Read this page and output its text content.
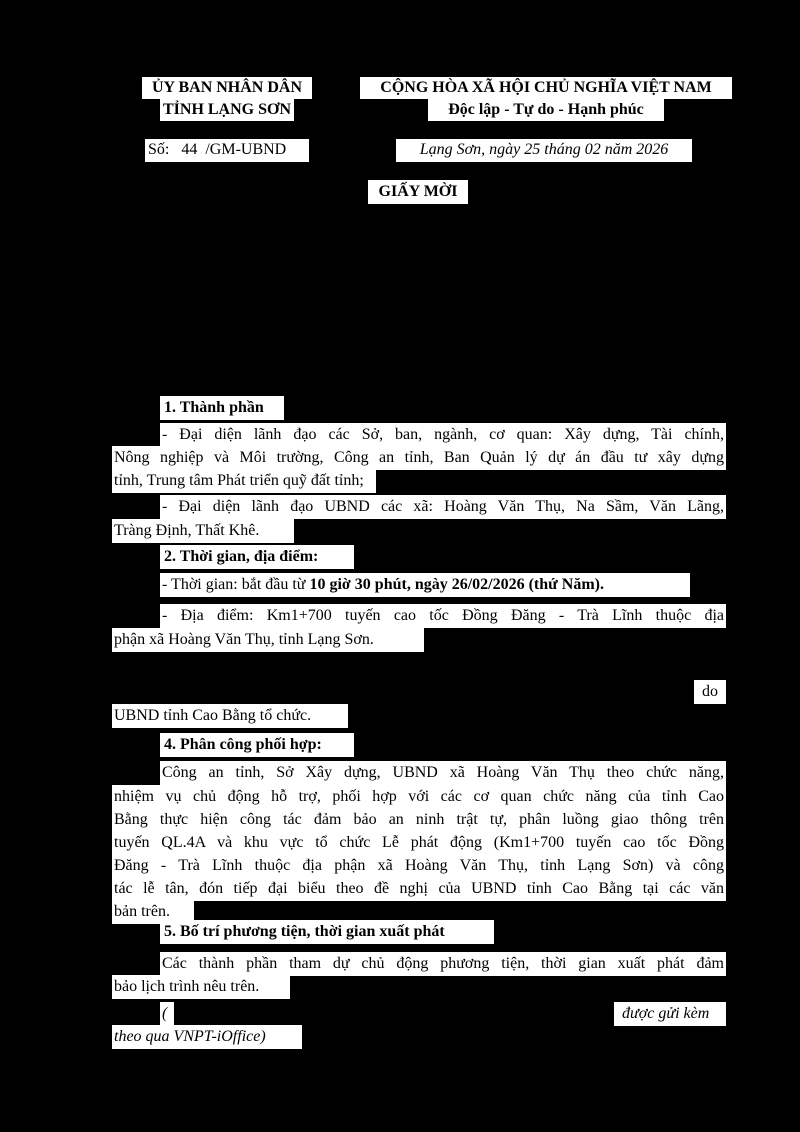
ỦY BAN NHÂN DÂN
TỈNH LẠNG SƠN
CỘNG HÒA XÃ HỘI CHỦ NGHĨA VIỆT NAM
Độc lập - Tự do - Hạnh phúc
Số: 44 /GM-UBND	Lạng Sơn, ngày 25 tháng 02 năm 2026
GIẤY MỜI
1. Thành phần
- Đại diện lãnh đạo các Sở, ban, ngành, cơ quan: Xây dựng, Tài chính,
Nông nghiệp và Môi trường, Công an tỉnh, Ban Quản lý dự án đầu tư xây dựng
tỉnh, Trung tâm Phát triển quỹ đất tỉnh;
- Đại diện lãnh đạo UBND các xã: Hoàng Văn Thụ, Na Sầm, Văn Lãng,
Tràng Định, Thất Khê.
2. Thời gian, địa điểm:
- Thời gian: bắt đầu từ 10 giờ 30 phút, ngày 26/02/2026 (thứ Năm).
- Địa điểm: Km1+700 tuyến cao tốc Đồng Đăng - Trà Lĩnh thuộc địa
phận xã Hoàng Văn Thụ, tỉnh Lạng Sơn.
do
UBND tỉnh Cao Bằng tổ chức.
4. Phân công phối hợp:
Công an tỉnh, Sở Xây dựng, UBND xã Hoàng Văn Thụ theo chức năng,
nhiệm vụ chủ động hỗ trợ, phối hợp với các cơ quan chức năng của tỉnh Cao
Bằng thực hiện công tác đảm bảo an ninh trật tự, phân luồng giao thông trên
tuyến QL.4A và khu vực tổ chức Lễ phát động (Km1+700 tuyến cao tốc Đồng
Đăng - Trà Lĩnh thuộc địa phận xã Hoàng Văn Thụ, tỉnh Lạng Sơn) và công
tác lễ tân, đón tiếp đại biểu theo đề nghị của UBND tỉnh Cao Bằng tại các văn
bản trên.
5. Bố trí phương tiện, thời gian xuất phát
Các thành phần tham dự chủ động phương tiện, thời gian xuất phát đảm
bảo lịch trình nêu trên.
(	được gửi kèm
theo qua VNPT-iOffice)
